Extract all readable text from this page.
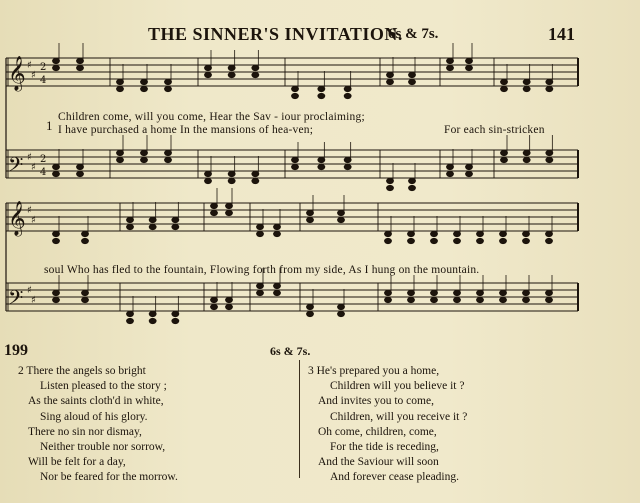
THE SINNER'S INVITATION.
6s & 7s.	141
𝄞 ♯
♯
2
4
𝄢 ♯
♯
2
4
𝄞 ♯
♯
𝄢 ♯
♯
1
Children come, will you come, Hear the Sav - iour proclaiming;
I have purchased a home In the mansions of hea-ven;	For each sin-stricken
soul Who has fled to the fountain, Flowing forth from my side, As I hung on the mountain.
199	6s & 7s.
2 There the angels so bright
Listen pleased to the story ;
As the saints cloth'd in white,
Sing aloud of his glory.
There no sin nor dismay,
Neither trouble nor sorrow,
Will be felt for a day,
Nor be feared for the morrow.
3 He's prepared you a home,
Children will you believe it ?
And invites you to come,
Children, will you receive it ?
Oh come, children, come,
For the tide is receding,
And the Saviour will soon
And forever cease pleading.
